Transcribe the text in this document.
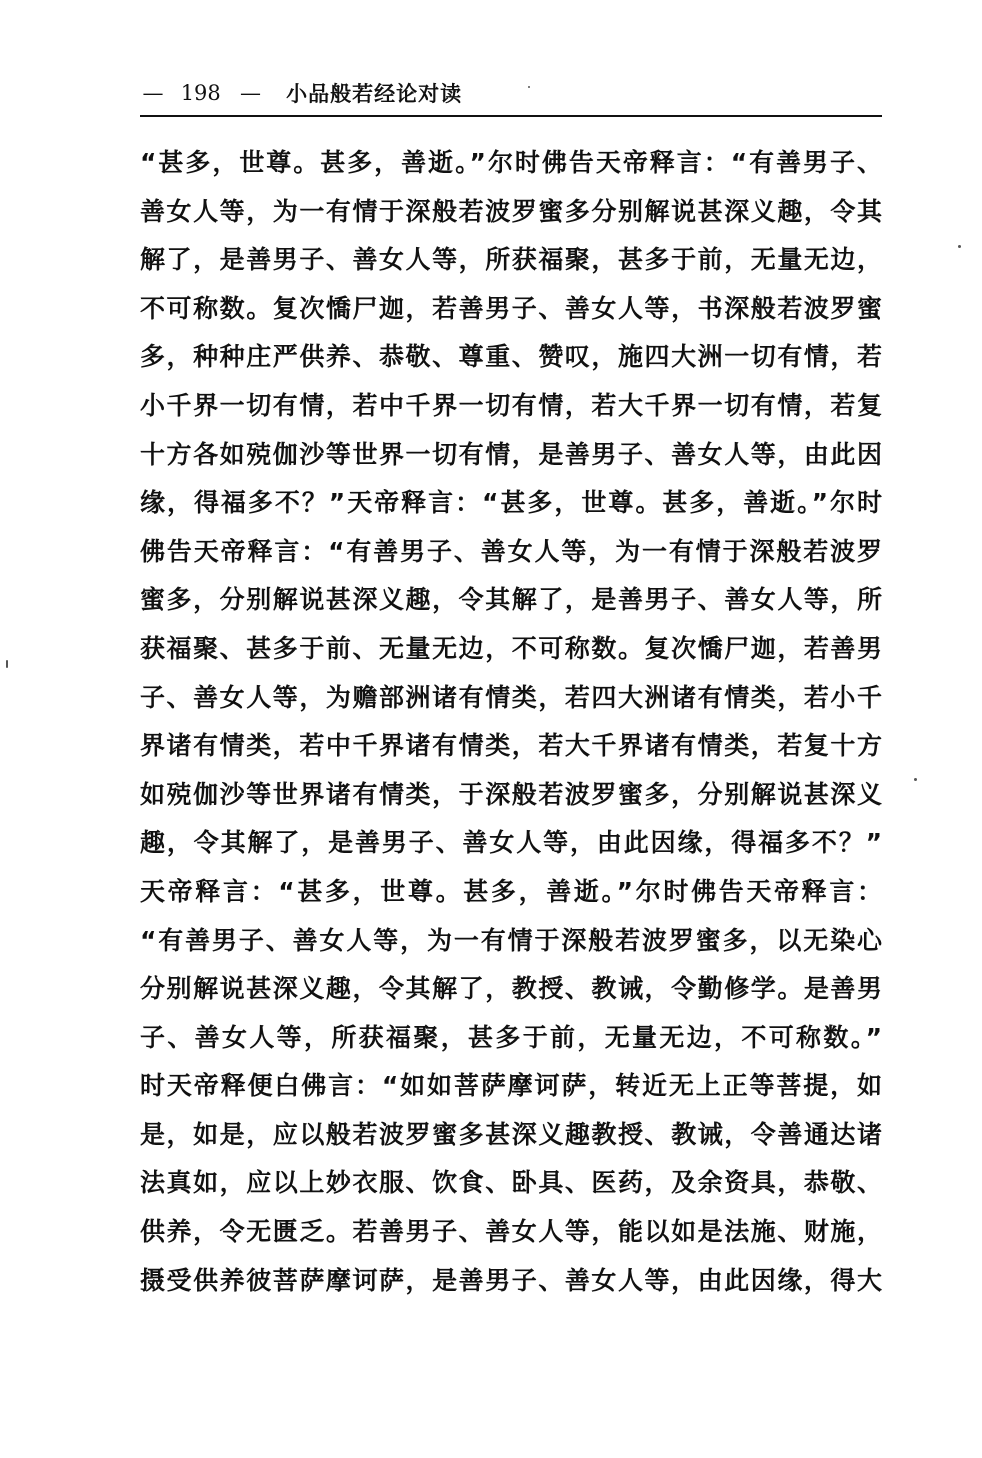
— 198 — 小品般若经论对读
“甚多，世尊。甚多，善逝。”尔时佛告天帝释言：“有善男子、
善女人等，为一有情于深般若波罗蜜多分别解说甚深义趣，令其
解了，是善男子、善女人等，所获福聚，甚多于前，无量无边，
不可称数。复次憍尸迦，若善男子、善女人等，书深般若波罗蜜
多，种种庄严供养、恭敬、尊重、赞叹，施四大洲一切有情，若
小千界一切有情，若中千界一切有情，若大千界一切有情，若复
十方各如殑伽沙等世界一切有情，是善男子、善女人等，由此因
缘，得福多不？”天帝释言：“甚多，世尊。甚多，善逝。”尔时
佛告天帝释言：“有善男子、善女人等，为一有情于深般若波罗
蜜多，分别解说甚深义趣，令其解了，是善男子、善女人等，所
获福聚、甚多于前、无量无边，不可称数。复次憍尸迦，若善男
子、善女人等，为赡部洲诸有情类，若四大洲诸有情类，若小千
界诸有情类，若中千界诸有情类，若大千界诸有情类，若复十方
如殑伽沙等世界诸有情类，于深般若波罗蜜多，分别解说甚深义
趣，令其解了，是善男子、善女人等，由此因缘，得福多不？”
天帝释言：“甚多，世尊。甚多，善逝。”尔时佛告天帝释言：
“有善男子、善女人等，为一有情于深般若波罗蜜多，以无染心
分别解说甚深义趣，令其解了，教授、教诫，令勤修学。是善男
子、善女人等，所获福聚，甚多于前，无量无边，不可称数。”
时天帝释便白佛言：“如如菩萨摩诃萨，转近无上正等菩提，如
是，如是，应以般若波罗蜜多甚深义趣教授、教诫，令善通达诸
法真如，应以上妙衣服、饮食、卧具、医药，及余资具，恭敬、
供养，令无匮乏。若善男子、善女人等，能以如是法施、财施，
摄受供养彼菩萨摩诃萨，是善男子、善女人等，由此因缘，得大
